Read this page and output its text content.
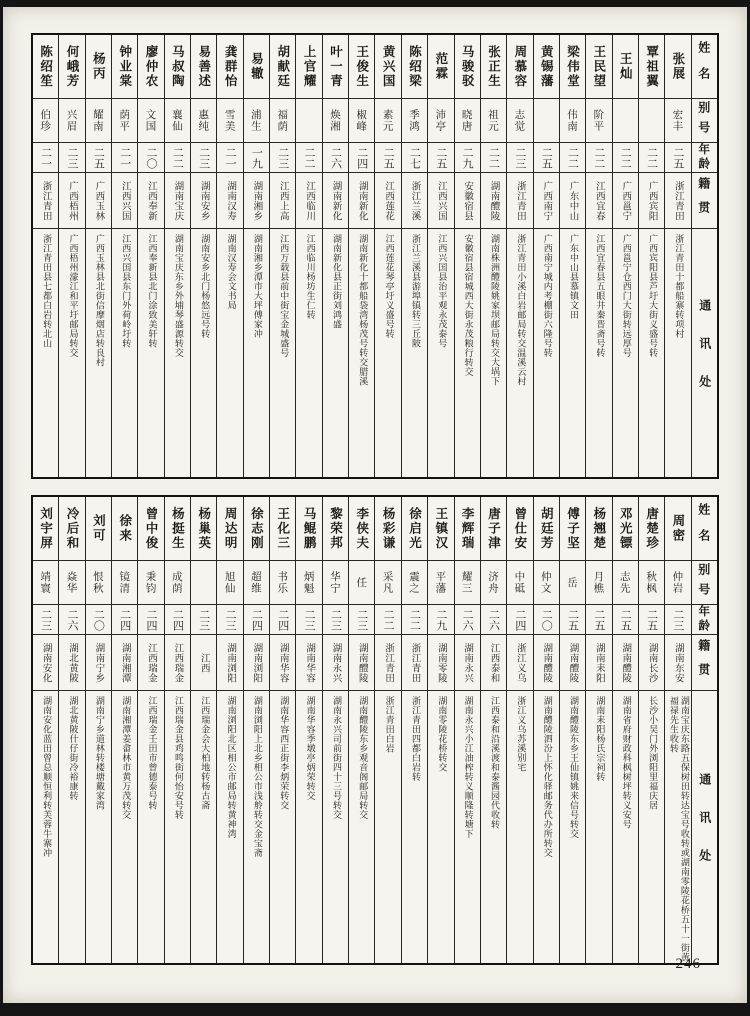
陈绍笙
伯珍
二一
浙江青田
浙江青田县七都白岩转北山
何峨芳
兴眉
二三
广西梧州
广西梧州濛江和平圩邮局转交
杨丙
耀南
二五
广西玉林
广西玉林县北街信摩烟店转良村
钟业棠
荫平
二一
江西兴国
江西兴国县东门外荷岭圩转
廖仲农
文国
二〇
江西奉新
江西奉新县北门涂致美轩转
马叔陶
襄仙
二二
湖南宝庆
湖南宝庆东乡外埔琴盛源转交
易善述
惠纯
二三
湖南安乡
湖南安乡北门杨悠远号转
龚群怡
雪美
二一
湖南汉寿
湖南汉寿会文书局
易辙
浦生
一九
湖南湘乡
湖南湘乡潭市大坪傅家冲
胡献廷
福荫
二三
江西上高
江西万载县前中街宝金城盛号
上官耀
二二
江西临川
江西临川杨坊生仁转
叶一青
焕湘
二六
湖南新化
湖南新化县正街刘鸿盛
王俊生
椒峰
二四
湖南新化
湖南新化十都船袋湾杨茂号转交腊溪
黄兴国
素元
二五
江西莲花
江西莲花琴亭圩义盛号转
陈绍梁
季鸿
二七
浙江兰溪
浙江兰溪县游埠镇转三丘陂
范霖
沛亭
二五
江西兴国
江西兴国县治平观永茂泰号
马骏驳
晓唐
二九
安徽宿县
安徽宿县宿城西大街永茂粮行转交
张正生
祖元
二二
湖南醴陵
湖南株洲醴陵姚家坝邮局转交大埚下
周慕容
志觉
二三
浙江青田
浙江青田小溪白岩邮局转交温溪云村
黄锡藩
二五
广西南宁
广西南宁城内考棚街六隆号转
梁伟堂
伟南
二二
广东中山
广东中山县慕镇文田
王民望
阶平
二二
江西宜春
江西宜春县五眼井秦晋斋号转
王灿
二二
广西邕宁
广西邕宁仓西门大街转远厚号
覃祖翼
二二
广西宾阳
广西宾阳县芦圩大街义盛号转
张展
宏丰
二五
浙江青田
浙江青田十都船寨转项村
姓名
别号
年龄
籍贯
通讯处
刘宇屏
靖寰
二三
湖南安化
湖南安化蓝田曾总顺恒利转芙蓉牛寨冲
冷后和
焱华
二六
湖北黄陂
湖北黄陂什仔街冷裕康转
刘可
恨秋
二〇
湖南宁乡
湖南宁乡道林转楼塘戴家湾
徐来
镜清
二四
湖南湘潭
湖南湘潭姜畲林市黄万茂转交
曾中俊
秉钧
二四
江西瑞金
江西瑞金壬田市曾德泰号转
杨挺生
成荫
二四
江西瑞金
江西瑞金县鸡鸣街何怡安号转
杨巢英
二三
江西
江西瑞金会大柏地转杨古斋
周达明
旭仙
二三
湖南浏阳
湖南浏阳北区相公市邮局转黄神湾
徐志刚
超维
二四
湖南浏阳
湖南浏阳上北乡相公市浅舲转交金宝斋
王化三
书乐
二四
湖南华容
湖南华容西正街李炳荣转交
马鲲鹏
炳魁
二三
湖南华容
湖南华容季墩亭炳荣转交
黎荣邦
华宁
二三
湖南永兴
湖南永兴司前街四十三号转交
李侠夫
任
二三
湖南醴陵
湖南醴陵东乡观音阁邮局转交
杨彩谦
采凡
二二
浙江青田
浙江青田白岩
徐启光
震之
二二
浙江青田
浙江青田四都白岩转
王镇汉
平藩
二九
湖南零陵
湖南零陵花桥转交
李辉瑞
耀三
二六
湖南永兴
湖南永兴小江油榨转义顺隆转塘下
唐子津
济舟
二六
江西泰和
江西泰和沿溪渡和泰酱园代收转
曾仕安
中砥
二四
浙江义乌
浙江义乌苏溪别宅
胡廷芳
仲文
二〇
湖南醴陵
湖南醴陵泗汾上怀化驿邮务代办所转交
傅子坚
岳
二五
湖南醴陵
湖南醴陵东乡王仙镇姚来信号转交
杨翘楚
月樵
二五
湖南耒阳
湖南耒阳杨氏宗祠转
邓光镖
志先
二五
湖南醴陵
湖南省府财政科枫树坪转义安号
唐楚珍
秋枫
二五
湖南长沙
长沙小吴门外浏阳里福庆居
周密
仲岩
二三
湖南东安
湖南宝庆东路五保树田转达宝号收转或湖南零陵花桥五十一街黄福禄先生收转
姓名
别号
年龄
籍贯
通讯处
246
